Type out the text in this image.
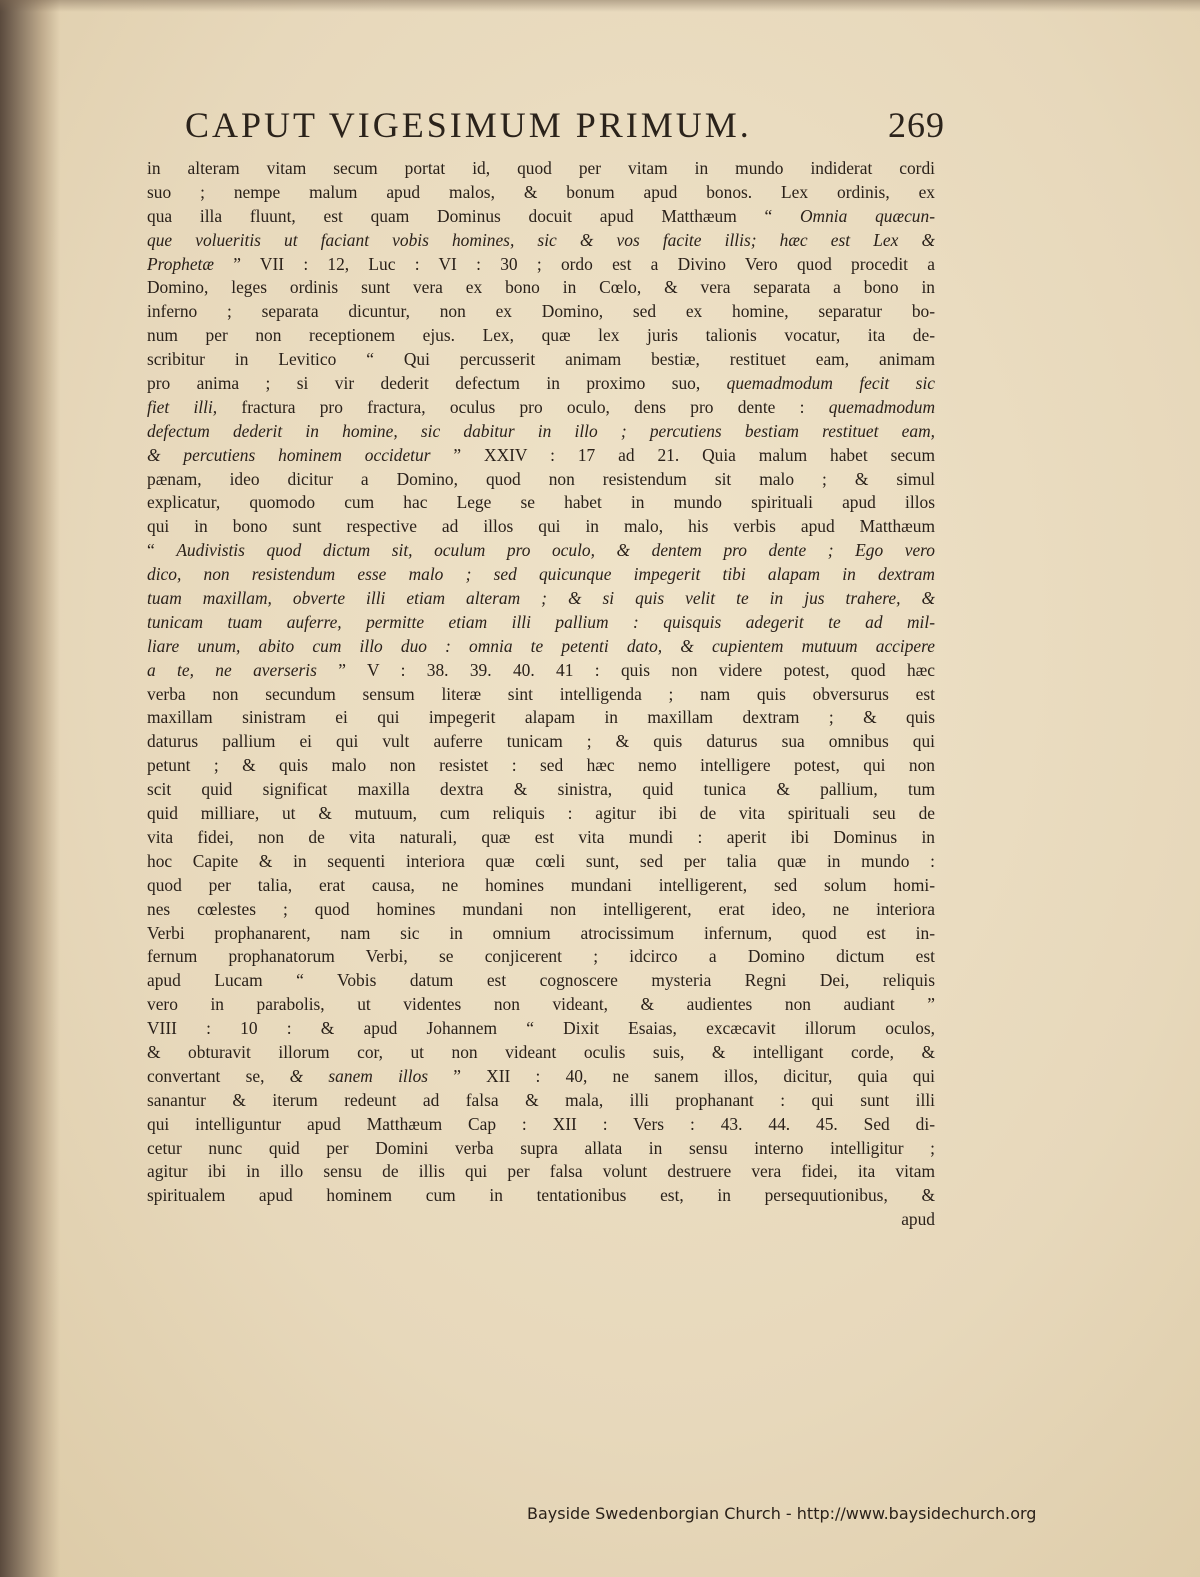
CAPUT VIGESIMUM PRIMUM.	269
in alteram vitam secum portat id, quod per vitam in mundo indiderat cordi
suo ; nempe malum apud malos, & bonum apud bonos. Lex ordinis, ex
qua illa fluunt, est quam Dominus docuit apud Matthæum “ Omnia quæcun-
que volueritis ut faciant vobis homines, sic & vos facite illis; hæc est Lex &
Prophetæ ” VII : 12, Luc : VI : 30 ; ordo est a Divino Vero quod procedit a
Domino, leges ordinis sunt vera ex bono in Cœlo, & vera separata a bono in
inferno ; separata dicuntur, non ex Domino, sed ex homine, separatur bo-
num per non receptionem ejus. Lex, quæ lex juris talionis vocatur, ita de-
scribitur in Levitico “ Qui percusserit animam bestiæ, restituet eam, animam
pro anima ; si vir dederit defectum in proximo suo, quemadmodum fecit sic
fiet illi, fractura pro fractura, oculus pro oculo, dens pro dente : quemadmodum
defectum dederit in homine, sic dabitur in illo ; percutiens bestiam restituet eam,
& percutiens hominem occidetur ” XXIV : 17 ad 21. Quia malum habet secum
pænam, ideo dicitur a Domino, quod non resistendum sit malo ; & simul
explicatur, quomodo cum hac Lege se habet in mundo spirituali apud illos
qui in bono sunt respective ad illos qui in malo, his verbis apud Matthæum
“ Audivistis quod dictum sit, oculum pro oculo, & dentem pro dente ; Ego vero
dico, non resistendum esse malo ; sed quicunque impegerit tibi alapam in dextram
tuam maxillam, obverte illi etiam alteram ; & si quis velit te in jus trahere, &
tunicam tuam auferre, permitte etiam illi pallium : quisquis adegerit te ad mil-
liare unum, abito cum illo duo : omnia te petenti dato, & cupientem mutuum accipere
a te, ne averseris ” V : 38. 39. 40. 41 : quis non videre potest, quod hæc
verba non secundum sensum literæ sint intelligenda ; nam quis obversurus est
maxillam sinistram ei qui impegerit alapam in maxillam dextram ; & quis
daturus pallium ei qui vult auferre tunicam ; & quis daturus sua omnibus qui
petunt ; & quis malo non resistet : sed hæc nemo intelligere potest, qui non
scit quid significat maxilla dextra & sinistra, quid tunica & pallium, tum
quid milliare, ut & mutuum, cum reliquis : agitur ibi de vita spirituali seu de
vita fidei, non de vita naturali, quæ est vita mundi : aperit ibi Dominus in
hoc Capite & in sequenti interiora quæ cœli sunt, sed per talia quæ in mundo :
quod per talia, erat causa, ne homines mundani intelligerent, sed solum homi-
nes cœlestes ; quod homines mundani non intelligerent, erat ideo, ne interiora
Verbi prophanarent, nam sic in omnium atrocissimum infernum, quod est in-
fernum prophanatorum Verbi, se conjicerent ; idcirco a Domino dictum est
apud Lucam “ Vobis datum est cognoscere mysteria Regni Dei, reliquis
vero in parabolis, ut videntes non videant, & audientes non audiant ”
VIII : 10 : & apud Johannem “ Dixit Esaias, excæcavit illorum oculos,
& obturavit illorum cor, ut non videant oculis suis, & intelligant corde, &
convertant se, & sanem illos ” XII : 40, ne sanem illos, dicitur, quia qui
sanantur & iterum redeunt ad falsa & mala, illi prophanant : qui sunt illi
qui intelliguntur apud Matthæum Cap : XII : Vers : 43. 44. 45. Sed di-
cetur nunc quid per Domini verba supra allata in sensu interno intelligitur ;
agitur ibi in illo sensu de illis qui per falsa volunt destruere vera fidei, ita vitam
spiritualem apud hominem cum in tentationibus est, in persequutionibus, &
apud
Bayside Swedenborgian Church - http://www.baysidechurch.org
